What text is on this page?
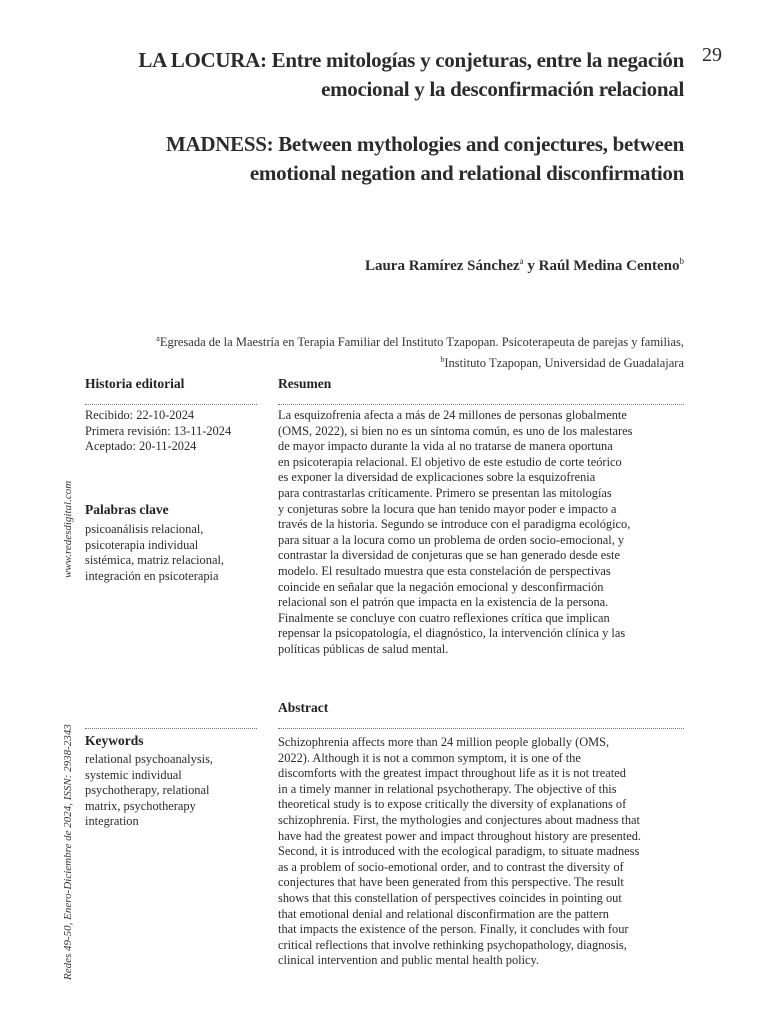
29
LA LOCURA: Entre mitologías y conjeturas, entre la negación
emocional y la desconfirmación relacional
MADNESS: Between mythologies and conjectures, between
emotional negation and relational disconfirmation
Laura Ramírez Sánchez$^a$ y Raúl Medina Centeno$^b$
$^a$Egresada de la Maestría en Terapia Familiar del Instituto Tzapopan. Psicoterapeuta de parejas y familias,
$^b$Instituto Tzapopan, Universidad de Guadalajara
www.redesdigital.com
Redes 49-50, Enero-Diciembre de 2024, ISSN: 2938-2343
Historia editorial
Recibido: 22-10-2024
Primera revisión: 13-11-2024
Aceptado: 20-11-2024
Palabras clave
psicoanálisis relacional,
psicoterapia individual
sistémica, matriz relacional,
integración en psicoterapia
Resumen
La esquizofrenia afecta a más de 24 millones de personas globalmente
(OMS, 2022), si bien no es un síntoma común, es uno de los malestares
de mayor impacto durante la vida al no tratarse de manera oportuna
en psicoterapia relacional. El objetivo de este estudio de corte teórico
es exponer la diversidad de explicaciones sobre la esquizofrenia
para contrastarlas críticamente. Primero se presentan las mitologías
y conjeturas sobre la locura que han tenido mayor poder e impacto a
través de la historia. Segundo se introduce con el paradigma ecológico,
para situar a la locura como un problema de orden socio-emocional, y
contrastar la diversidad de conjeturas que se han generado desde este
modelo. El resultado muestra que esta constelación de perspectivas
coincide en señalar que la negación emocional y desconfirmación
relacional son el patrón que impacta en la existencia de la persona.
Finalmente se concluye con cuatro reflexiones crítica que implican
repensar la psicopatología, el diagnóstico, la intervención clínica y las
políticas públicas de salud mental.
Abstract
Keywords
relational psychoanalysis,
systemic individual
psychotherapy, relational
matrix, psychotherapy
integration
Schizophrenia affects more than 24 million people globally (OMS,
2022). Although it is not a common symptom, it is one of the
discomforts with the greatest impact throughout life as it is not treated
in a timely manner in relational psychotherapy. The objective of this
theoretical study is to expose critically the diversity of explanations of
schizophrenia. First, the mythologies and conjectures about madness that
have had the greatest power and impact throughout history are presented.
Second, it is introduced with the ecological paradigm, to situate madness
as a problem of socio-emotional order, and to contrast the diversity of
conjectures that have been generated from this perspective. The result
shows that this constellation of perspectives coincides in pointing out
that emotional denial and relational disconfirmation are the pattern
that impacts the existence of the person. Finally, it concludes with four
critical reflections that involve rethinking psychopathology, diagnosis,
clinical intervention and public mental health policy.
